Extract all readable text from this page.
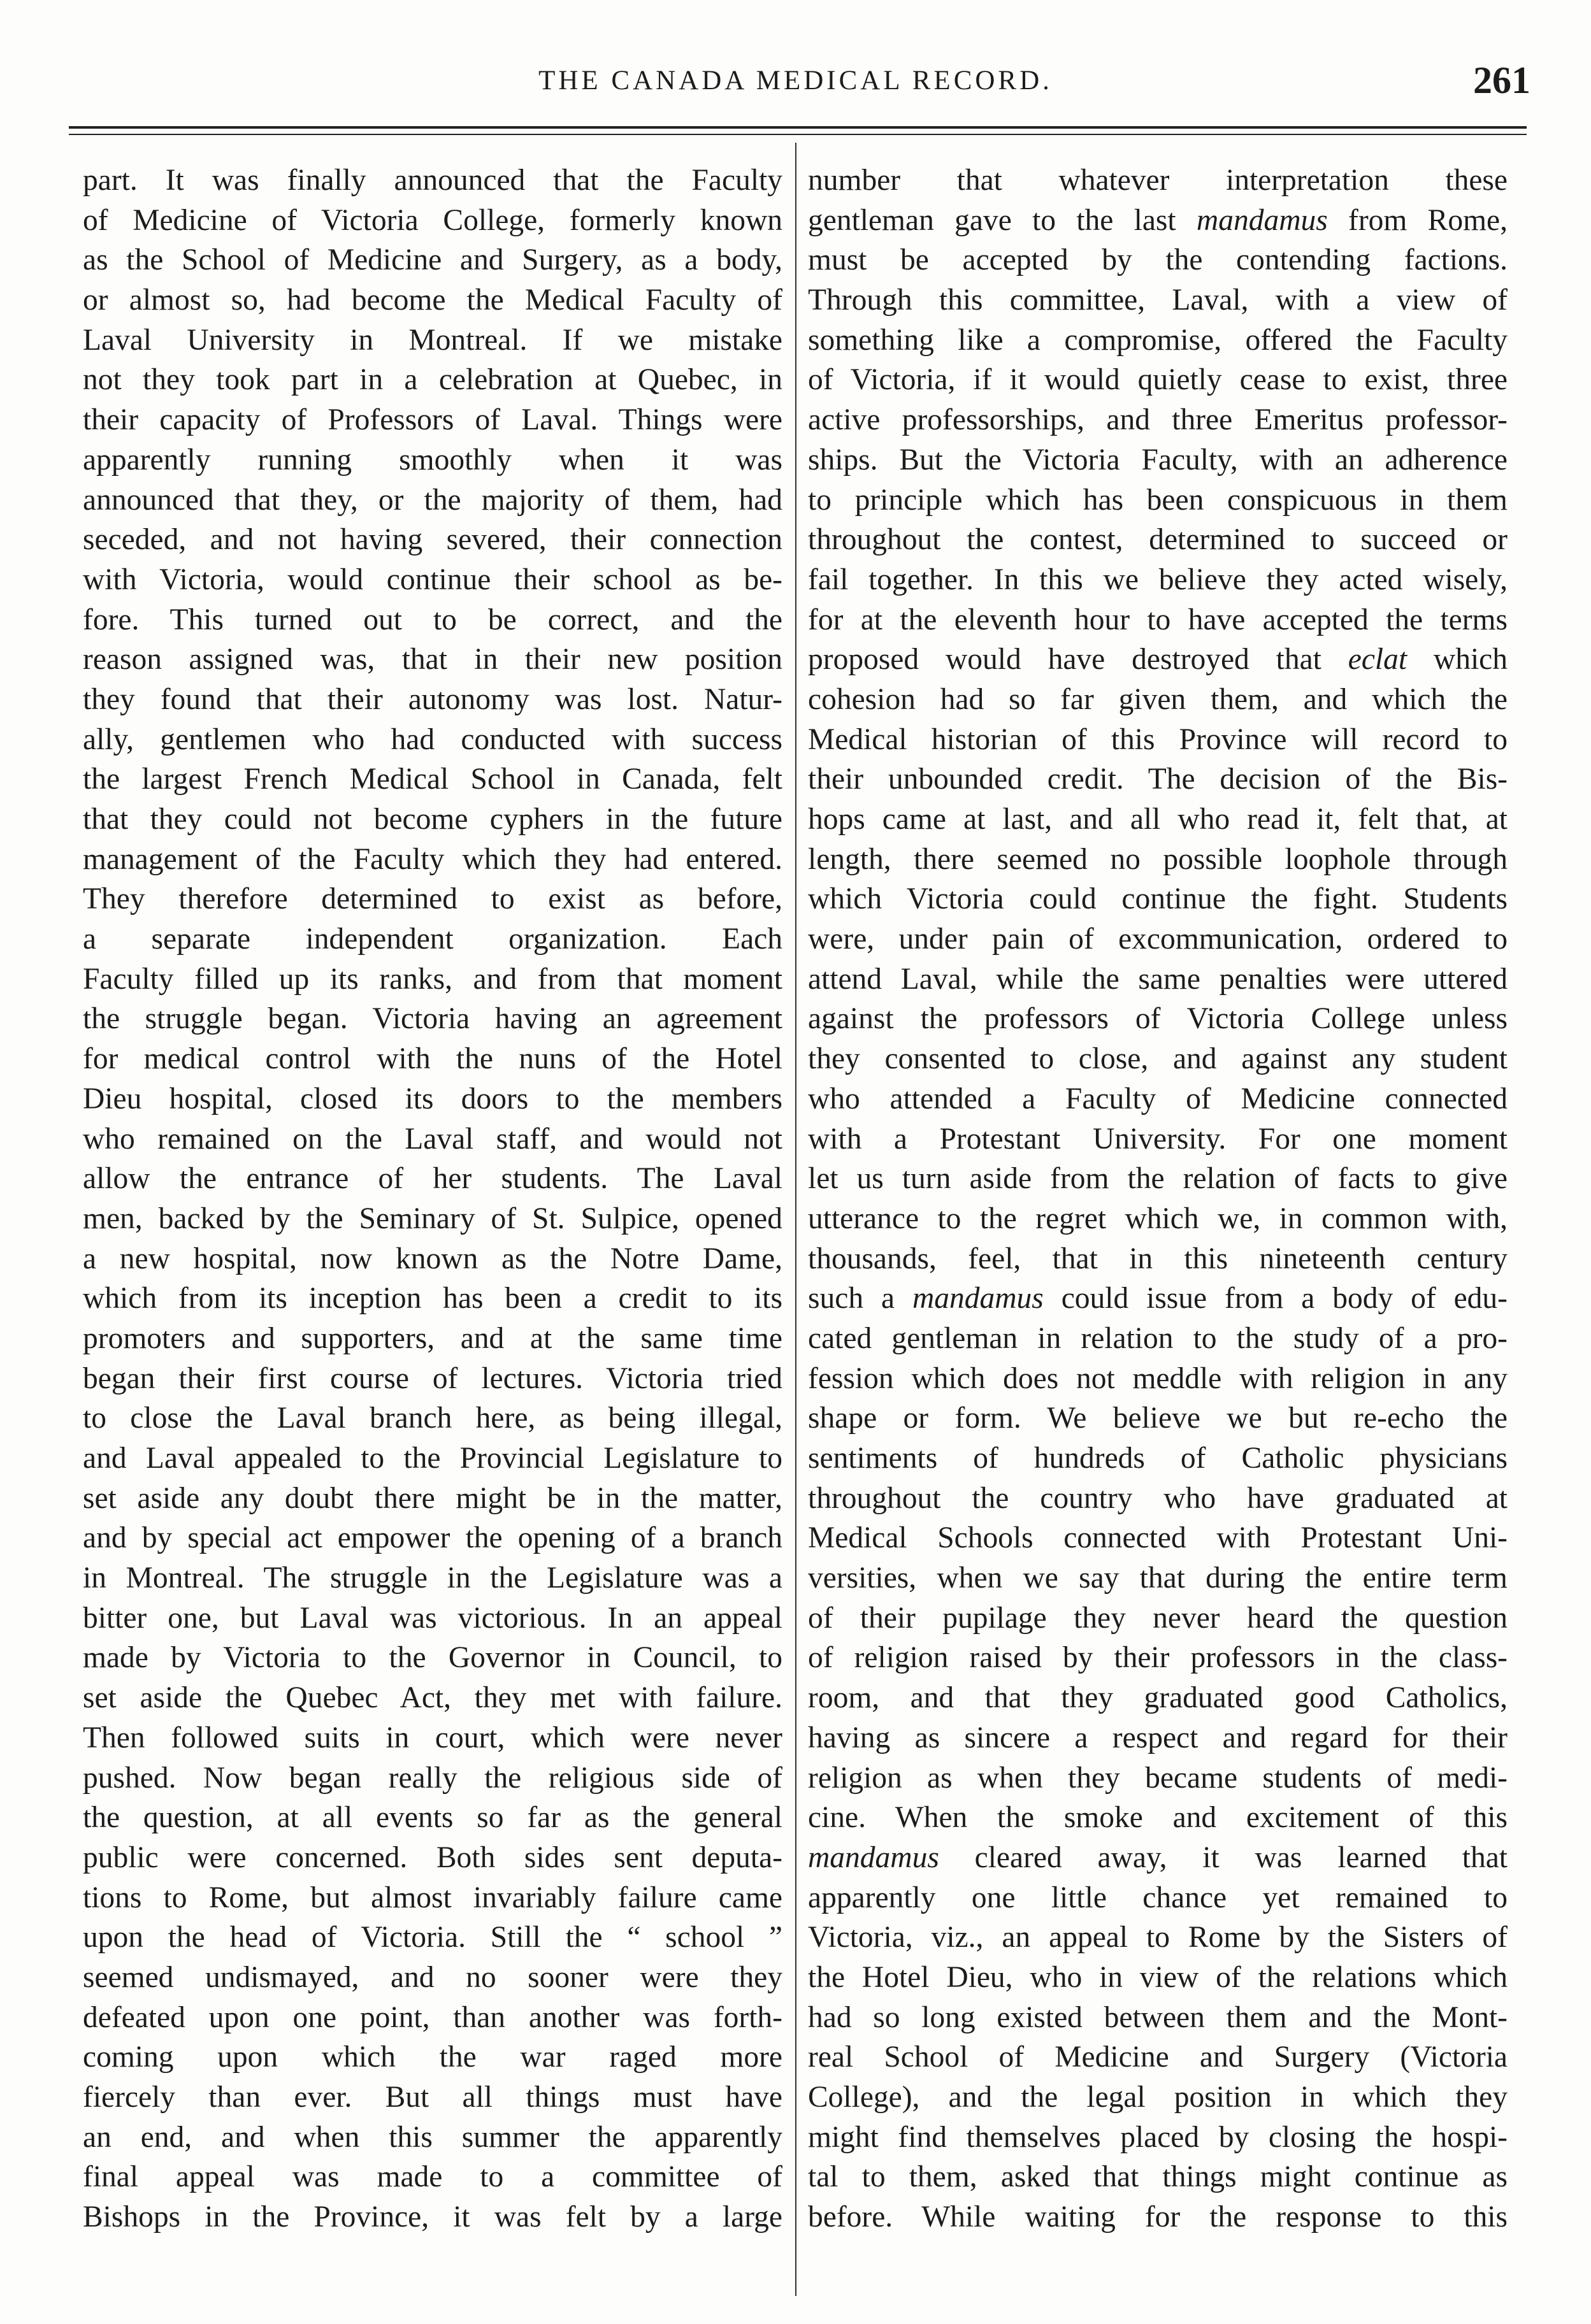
THE CANADA MEDICAL RECORD.	261
part. It was finally announced that the Faculty
of Medicine of Victoria College, formerly known
as the School of Medicine and Surgery, as a body,
or almost so, had become the Medical Faculty of
Laval University in Montreal. If we mistake
not they took part in a celebration at Quebec, in
their capacity of Professors of Laval. Things were
apparently running smoothly when it was
announced that they, or the majority of them, had
seceded, and not having severed, their connection
with Victoria, would continue their school as be-
fore. This turned out to be correct, and the
reason assigned was, that in their new position
they found that their autonomy was lost. Natur-
ally, gentlemen who had conducted with success
the largest French Medical School in Canada, felt
that they could not become cyphers in the future
management of the Faculty which they had entered.
They therefore determined to exist as before,
a separate independent organization. Each
Faculty filled up its ranks, and from that moment
the struggle began. Victoria having an agreement
for medical control with the nuns of the Hotel
Dieu hospital, closed its doors to the members
who remained on the Laval staff, and would not
allow the entrance of her students. The Laval
men, backed by the Seminary of St. Sulpice, opened
a new hospital, now known as the Notre Dame,
which from its inception has been a credit to its
promoters and supporters, and at the same time
began their first course of lectures. Victoria tried
to close the Laval branch here, as being illegal,
and Laval appealed to the Provincial Legislature to
set aside any doubt there might be in the matter,
and by special act empower the opening of a branch
in Montreal. The struggle in the Legislature was a
bitter one, but Laval was victorious. In an appeal
made by Victoria to the Governor in Council, to
set aside the Quebec Act, they met with failure.
Then followed suits in court, which were never
pushed. Now began really the religious side of
the question, at all events so far as the general
public were concerned. Both sides sent deputa-
tions to Rome, but almost invariably failure came
upon the head of Victoria. Still the “ school ”
seemed undismayed, and no sooner were they
defeated upon one point, than another was forth-
coming upon which the war raged more
fiercely than ever. But all things must have
an end, and when this summer the apparently
final appeal was made to a committee of
Bishops in the Province, it was felt by a large
number that whatever interpretation these
gentleman gave to the last mandamus from Rome,
must be accepted by the contending factions.
Through this committee, Laval, with a view of
something like a compromise, offered the Faculty
of Victoria, if it would quietly cease to exist, three
active professorships, and three Emeritus professor-
ships. But the Victoria Faculty, with an adherence
to principle which has been conspicuous in them
throughout the contest, determined to succeed or
fail together. In this we believe they acted wisely,
for at the eleventh hour to have accepted the terms
proposed would have destroyed that eclat which
cohesion had so far given them, and which the
Medical historian of this Province will record to
their unbounded credit. The decision of the Bis-
hops came at last, and all who read it, felt that, at
length, there seemed no possible loophole through
which Victoria could continue the fight. Students
were, under pain of excommunication, ordered to
attend Laval, while the same penalties were uttered
against the professors of Victoria College unless
they consented to close, and against any student
who attended a Faculty of Medicine connected
with a Protestant University. For one moment
let us turn aside from the relation of facts to give
utterance to the regret which we, in common with,
thousands, feel, that in this nineteenth century
such a mandamus could issue from a body of edu-
cated gentleman in relation to the study of a pro-
fession which does not meddle with religion in any
shape or form. We believe we but re-echo the
sentiments of hundreds of Catholic physicians
throughout the country who have graduated at
Medical Schools connected with Protestant Uni-
versities, when we say that during the entire term
of their pupilage they never heard the question
of religion raised by their professors in the class-
room, and that they graduated good Catholics,
having as sincere a respect and regard for their
religion as when they became students of medi-
cine. When the smoke and excitement of this
mandamus cleared away, it was learned that
apparently one little chance yet remained to
Victoria, viz., an appeal to Rome by the Sisters of
the Hotel Dieu, who in view of the relations which
had so long existed between them and the Mont-
real School of Medicine and Surgery (Victoria
College), and the legal position in which they
might find themselves placed by closing the hospi-
tal to them, asked that things might continue as
before. While waiting for the response to this
